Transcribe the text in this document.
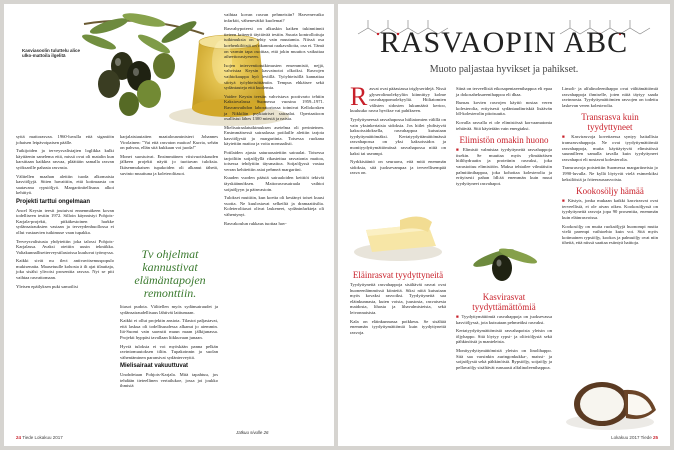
Kasviasoolin tuluttelu alice ulko-mattoila ilgelitä

syttä mattorasvaa. 1960-luvulla että siganiöin johaisen leipävoipaisen päälle.

Tutkijoiden ja terveysvalistajien loglikka kulki käyttäenin sanelema että, missä ovat oli matalin kun karsittaan kaikkea rasvaa, pläättäin samalla rasvan syöksarille pahasta rasvasta.

Välitellen maahan alettiin tuoda alkomaisia kasviöljyjä. Sitten havaittiin, että kotimaasta on saatavana rypsiöljyä. Margariinitellisuus alkoi kehittyä.

Projekti tarttui ongelmaan

Ancel Keysin teesit joutuivat ennenmäkeen kovan todelliseen testiin 1972. Silloin käynnistyi Pohjois-Karjala-projekti, pitkäkestoinen harkke sydänsairauksien vastaan ja terveydenhuollossa ei ollut vastaavien tutkimuse vaan tupakka.

Terveysvalistusta yhdytettiin joka talossi Pohjois-Karjalassa. Avaksi otettiin uusin tekniikka. Valtakunnallisetterveystilastoissa kuuluvat työmyssa.

Kaikki sivät nu tlect antivavitsemuspopulo mukisenatta. Maasetuulle kohosta ä ilt ajat tilauttaja, joka sisälsi ylivoisi prosenttia rasvaa. Nyt se piti vaihtaa rasvattomaan.

Yleisen epäilyksen puki samoilisi

karjalaistautaiten maatalousministeri Johannes Virolainen: "Vai että rasvaton maitoa! Kurria, sehän on pahvaa, ellän sitä kukkaan voi juoda!"

Monet suostuivat. Ensimmäinen viisivuotiskauden jälkeen projekti näytti jo tuottavan tuloksia. Ikäsenmukaisen tupakoiden oli alkanut tähetä, suvinto muuttuna ja koleterolitasot.

Tv ohjelmat kannustivat elämäntapojen remonttiin.

litasot pudota. Välitellen myös sydänsairaudet ja sydänsairaudellisuus lähtivät laittumaan.

Kaikki ei ollut projektin ansiota. Tilastot paljastavat, että laskua oli todellisuudessa alkanut jo aiemmin. Itä-Suomi vain saavutti muun maan jälkijunassa. Projekti hyppäsi tavallaan liikkuvaan junaan.

Hyviä tuloksia ei voi myöskään panna pelkän ravintomuutoksen tiliin. Tupakoinnin ja suolan vähentäminen paransivat sydänterveyttä.

Mielisairaat vakuuttuvat

Unohdetaan Pohjois-Karjala. Mitä tapahtuu, jos tehdään tieteellinen vertailukoe, jossa joi joukko ihmisiä

vaihtaa kovan rasvan pehmeisiin? Harvenevatko infarktit, vähenevätkö kuolemat?

Rasvahypoteesi on alkuskin kaiken tukinniinnit tieteen kriteerit täyttävää testiin. Suuria kontrolloituja tutkimuksia on tehty vain muutamia. Niissä osa koehenkilöistä on rikannut raakavalioita, osa ei. Tämä on varmin tapa osoittaa, että jokin muuttos vaikuttaa aiheettorastyeseen.

Isojen interventiotutkimusten ensemmistö, nejjä, vahvistaa Keysin kasvainotoi olkoiksi. Rasvojen vaihtokauppa hyö leviillä. Työyhteisöllä kannattaa siirtyä työyhteisöttämiin. Tempus ehkäisee sekä sydäntauteja että kuolemia.

Vaidee Keysin teesiin vahvistava pootivarto tehtiin Kaksiovalassa Suomessa vuosina 1959–1971. Rasvanvaihdon laboratoriossa toimivat Kellokosken ja Nikkilän psykiatriset sairaalat. Opertaatioon osallistui lähes 1300 miestä ja naista.

Mielisairaalatutkimuksen asetelma oli perinteinen. Ensimmäisessä sairaalassa potilaille alettiin tarjota kasviöljystä ja margariinia. Toisessa ruokana käytettiin maitoa ja voita normaalisti.

Potilaiden ajasta saturaasaiettiin sairaalat. Toisessa tarjoiltiin soijaöljyllä rikastettua rasvatonta maitoa, toisessa tehdyttiin täysmaitoa. Soijaöljyssä vastaa verran kehitettiin asiat pehmeä margariini.

Kuuden vuoden päästä sairaaloiden keittiöt tekivät täyskäännöksen. Maitorasvasairaala vaihtoi soijaöljyyn ja päinvastoin.

Tulokset muttitin, kun koetta oli kestänyt toiset kuusi vuotta. Ne kuulostavat selkeiltä ja dramaattisilta. Koleterolitasot olivat laskeneet, sydäninfarkteja oli vähentynyt.

Rasvakoulun rukkaus tuottaa hav-

Jatkuu sivulle 26
24 Tiede Lokakuu 2017
RASVAOPIN ABC
Muoto paljastaa hyvikset ja pahikset.

Rasvat ovat pääasiassa triglyseridejä. Nissä glyserolimolekyyliin kiinnittyy kolme rasvahappomolekyyliä. Hiiliatomien välisten sidosten lukumäärä kertoo, kuuluuko rasva hyvikse vai pahikseen.

Tyydyttyneessä rasvahapossa hiiliatomien välillä on vain yksinkertaisia sidoksia. Jos hiilet yhdistyvät kaksoissidoksella, rasvahappoa kutsutaan tyydyttymättömäksi. Kertatyydyttämättömässä rasvahapossa on yksi kaksoissidos ja monityydyttymättömässä rasvahapossa niitä on kaksi tai useampi.

Nyrkkisääntö on seuraava, että mitä enemmän sidoksia, sitä juoksevampaa ja terveellisempää rasva on.

Eläinrasvat tyydyttyneitä

Tyydyttyneitä rasvahappoja sisältävät rasvat ovat huoneenlämmössä kiinteitä. Siksi niitä kutsutaan myös kovaksi rasvoiksi. Tyydyttyneitä saa eläinkunnasta, kuten voista, juustosta, rasvaisesta maidosta, lihasta ja lihavalmisteista, sekä leivonnaisista.

Kala on eläinkunnassa poikkeus. Se sisältää enemmän tyydyttymättömiä kuin tyydyttyneitä rasvoja.

Siinä on terveellisiä eikosapentaeenihappoa eli epaa ja dokosaheksaeenihappoa eli dhaa.

Runsas kovien rasvojen käyttö nostaa veren kolesterolia, erityisesti sydäntaudinriskiä lisäävän ldl-kolesterolin pitoisuutta.

Kovalla rasvalla ei ole elimistössä korvaamatonta tehtävää. Sitä käytetään vain energiaksi.

Elimistön omakin huono

■ Elimistö valmistaa tyydyttyneitä rasvahappoja itsekin. Se muuttaa myös ylimääräisen hiilihydraatin ja proteiinin rasvaksi, joka varastoituu elimistöön. Maksa tehtailee vilmiäisiin palmitiinihappoa, joka kohottaa kolesterolia ja erityisesti pahan ldl:ää enemmän kuin muut tyydyttyneet rasvahapot.

Kasvirasvat tyydyttämättömiä

■ Tyydyttymättömiä rasvahappoja on juoksevassa kasviöljyssä, jota kutsutaan pehmeäksi rasvaksi.

Kertatyydyttymättömistä rasvahapoista yleisin on öljyhappo. Sitä löytyy rypsi- ja oliiviöljystä sekä pähkinöistä ja manteleista.

Monityydyttymättömistä yleisin on linolihappo. Sitä saa varsinkin auringonkukka-, maissi- ja soijaöljystä sekä pähkinöistä. Rypsiöljy, soijaöljy ja pellavaöljy sisältävät runsaasti alfalinoleenihappoa.

Limoli- ja alfalinoleenihappo ovat välttämättömiä rasvahappoja ihmiselle, joten niitä täytyy saada ravinnosta. Tyydyttymättömien rasvojen on todettu laskevan veren kolesterolia.

Transrasva kuin tyydyttyneet

■ Kasvirasvoja kovettaessa syntyy haitallisia transrasvahappoja. Ne ovat tyydyttymättömiä rasvahappoja, mutta käyttäytyvät elimistössä suunnilleen samalla tavalla kuin tyydyttyneet rasvahapot eli nostavat kolesterolia.

Transrasvoja poistettiin Suomessa margariineista jo 1990-luvulla. Ne kyllä löytyvät vielä esimerkiksi keksilöistä ja friteerausrasvoista.

Kookosöljy hämää

■ Kästyts, jonka mukaan kaikki kasvirasvat ovat terveellisiä, ei ole aivan oikea. Kookosöljyssä on tyydyttyneitä rasvoja jopa 90 prosenttia, enemmän kuin eläinrasvoissa.

Kookosöljy on muita ruokaöljyjä huonompi mutta vielä parempi vaihtoehto kuin voi. Sitä myös kotimainen rypsiöljy, kookos ja palmuöljy ovat niin tiheitä, että niissä saattaa esiintyä haittoja.

Lokakuu 2017 Tiede 25
